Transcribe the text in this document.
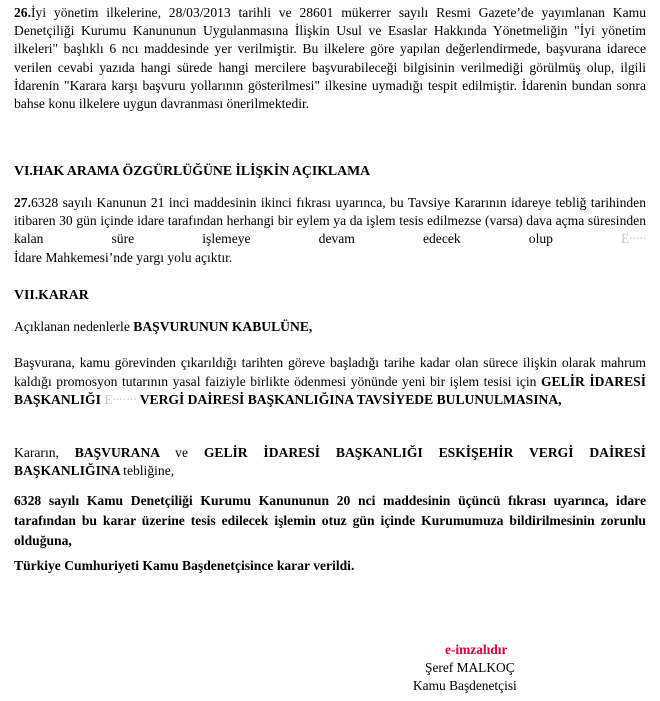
26.İyi yönetim ilkelerine, 28/03/2013 tarihli ve 28601 mükerrer sayılı Resmi Gazete’de yayımlanan Kamu Denetçiliği Kurumu Kanununun Uygulanmasına İlişkin Usul ve Esaslar Hakkında Yönetmeliğin "İyi yönetim ilkeleri" başlıklı 6 ncı maddesinde yer verilmiştir. Bu ilkelere göre yapılan değerlendirmede, başvurana idarece verilen cevabi yazıda hangi sürede hangi mercilere başvurabileceği bilgisinin verilmediği görülmüş olup, ilgili İdarenin "Karara karşı başvuru yollarının gösterilmesi" ilkesine uymadığı tespit edilmiştir. İdarenin bundan sonra bahse konu ilkelere uygun davranması önerilmektedir.

VI.HAK ARAMA ÖZGÜRLÜĞÜNE İLİŞKİN AÇIKLAMA

27.6328 sayılı Kanunun 21 inci maddesinin ikinci fıkrası uyarınca, bu Tavsiye Kararının idareye tebliğ tarihinden itibaren 30 gün içinde idare tarafından herhangi bir eylem ya da işlem tesis edilmezse (varsa) dava açma süresinden kalan süre işlemeye devam edecek olup	E·····

İdare Mahkemesi’nde yargı yolu açıktır.

VII.KARAR

Açıklanan nedenlerle BAŞVURUNUN KABULÜNE,

Başvurana, kamu görevinden çıkarıldığı tarihten göreve başladığı tarihe kadar olan sürece ilişkin olarak mahrum kaldığı promosyon tutarının yasal faiziyle birlikte ödenmesi yönünde yeni bir işlem tesisi için GELİR İDARESİ BAŞKANLIĞI E······· VERGİ DAİRESİ BAŞKANLIĞINA TAVSİYEDE BULUNULMASINA,

Kararın, BAŞVURANA ve GELİR İDARESİ BAŞKANLIĞI ESKİŞEHİR VERGİ DAİRESİ BAŞKANLIĞINA tebliğine,

6328 sayılı Kamu Denetçiliği Kurumu Kanununun 20 nci maddesinin üçüncü fıkrası uyarınca, idare tarafından bu karar üzerine tesis edilecek işlemin otuz gün içinde Kurumumuza bildirilmesinin zorunlu olduğuna,

Türkiye Cumhuriyeti Kamu Başdenetçisince karar verildi.

e-imzalıdır
Şeref MALKOÇ
Kamu Başdenetçisi
